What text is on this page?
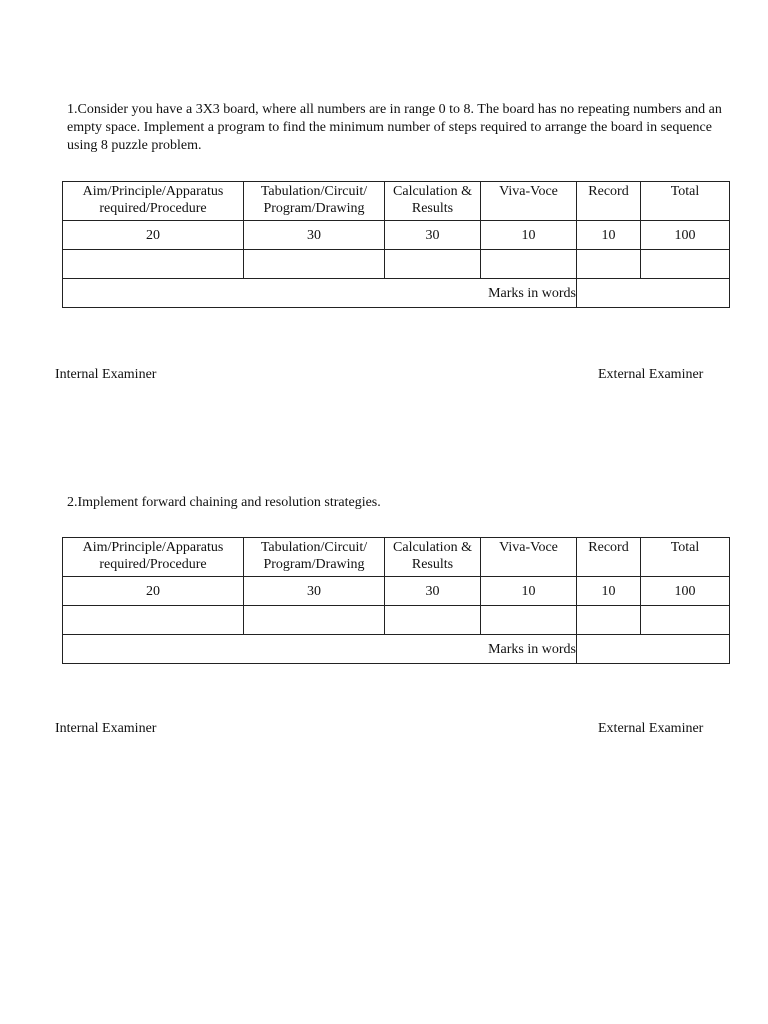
1.Consider you have a 3X3 board, where all numbers are in range 0 to 8. The board has no repeating numbers and an empty space. Implement a program to find the minimum number of steps required to arrange the board in sequence using 8 puzzle problem.

Aim/Principle/Apparatus required/Procedure	Tabulation/Circuit/ Program/Drawing	Calculation & Results	Viva-Voce	Record	Total
20	30	30	10	10	100

Marks in words					
Internal Examiner	External Examiner

2.Implement forward chaining and resolution strategies.

Aim/Principle/Apparatus required/Procedure	Tabulation/Circuit/ Program/Drawing	Calculation & Results	Viva-Voce	Record	Total
20	30	30	10	10	100

Marks in words					
Internal Examiner	External Examiner
